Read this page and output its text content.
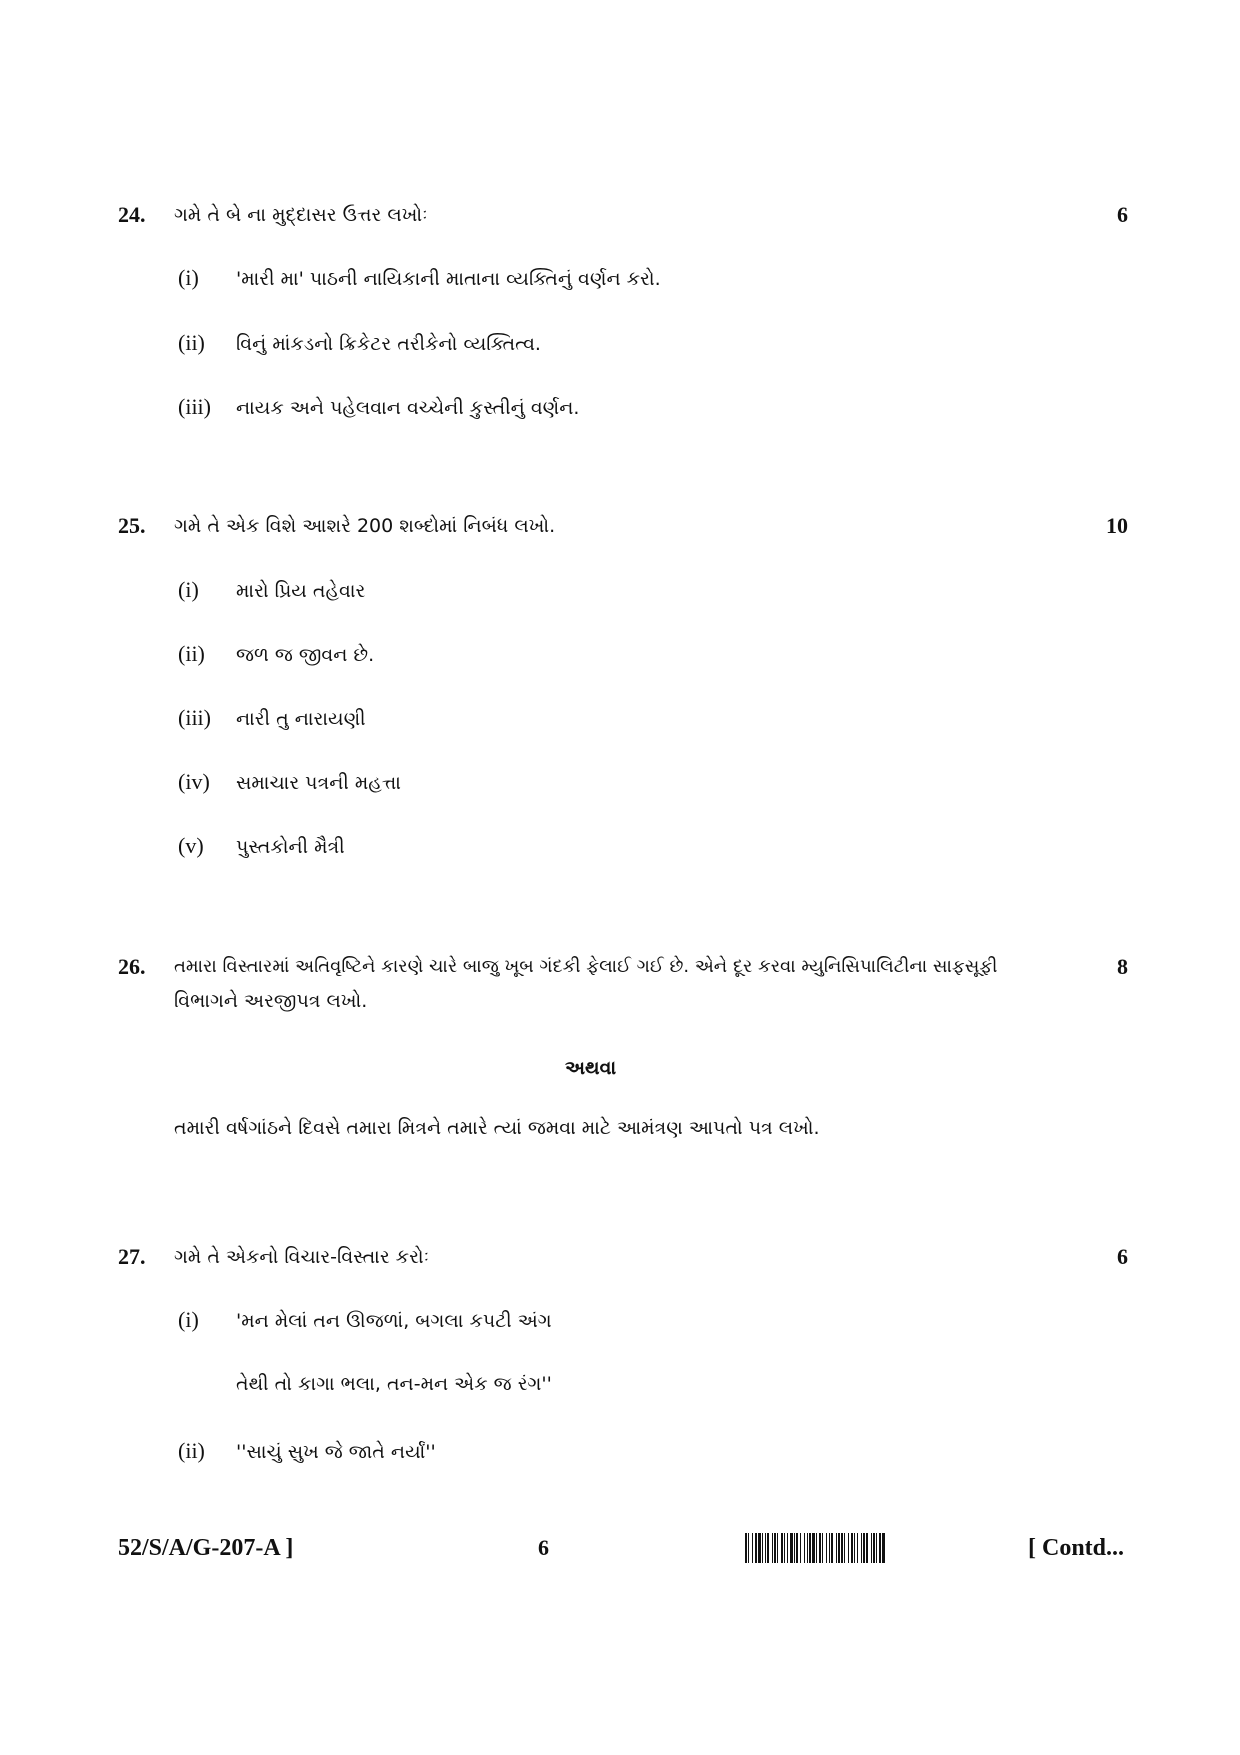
24.	ગમે તે બે ના મુદ્દાસર ઉત્તર લખોઃ	6
(i)	'મારી મા' પાઠની નાયિકાની માતાના વ્યક્તિનું વર્ણન કરો.
(ii)	વિનું માંકડનો ક્રિકેટર તરીકેનો વ્યક્તિત્વ.
(iii)	નાયક અને પહેલવાન વચ્ચેની કુસ્તીનું વર્ણન.
25.	ગમે તે એક વિશે આશરે 200 શબ્દોમાં નિબંધ લખો.	10
(i)	મારો પ્રિય તહેવાર
(ii)	જળ જ જીવન છે.
(iii)	નારી તુ નારાયણી
(iv)	સમાચાર પત્રની મહત્તા
(v)	પુસ્તકોની મૈત્રી
26.	તમારા વિસ્તારમાં અતિવૃષ્ટિને કારણે ચારે બાજુ ખૂબ ગંદકી ફેલાઈ ગઈ છે. એને દૂર કરવા મ્યુનિસિપાલિટીના સાફસૂફી
વિભાગને અરજીપત્ર લખો.
8
અથવા
તમારી વર્ષગાંઠને દિવસે તમારા મિત્રને તમારે ત્યાં જમવા માટે આમંત્રણ આપતો પત્ર લખો.
27.	ગમે તે એકનો વિચાર-વિસ્તાર કરોઃ	6
(i)	'મન મેલાં તન ઊજળાં, બગલા કપટી અંગ
તેથી તો કાગા ભલા, તન-મન એક જ રંગ''
(ii)	''સાચું સુખ જે જાતે નર્યાં''
52/S/A/G-207-A ]	6	[ Contd...
